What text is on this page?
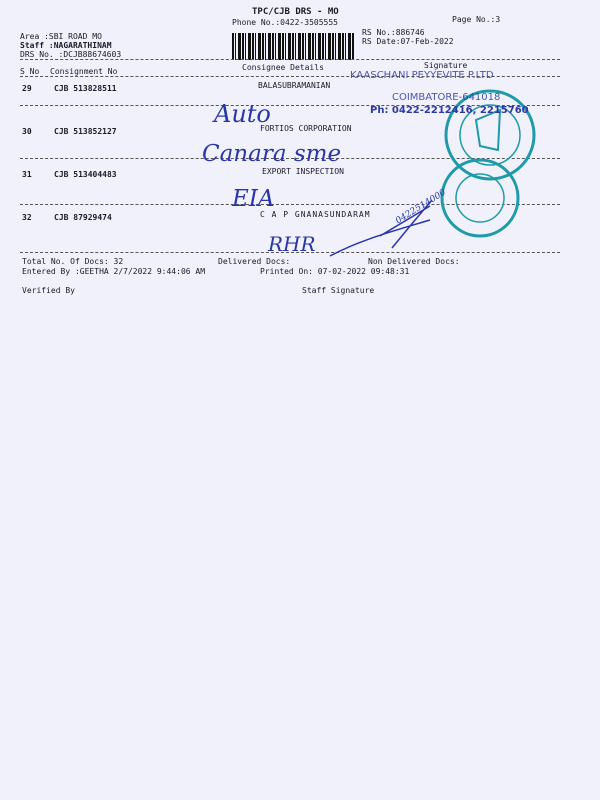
TPC/CJB DRS - MO
Phone No.:0422-3505555	Page No.:3
RS No.:886746
RS Date:07-Feb-2022
Area :SBI ROAD MO
Staff :NAGARATHINAM
DRS No. :DCJB88674603
S No Consignment No	Consignee Details	Signature
29	CJB 513828511	BALASUBRAMANIAN
Auto
30	CJB 513852127	FORTIOS CORPORATION
Canara sme
31	CJB 513404483	EXPORT INSPECTION
EIA
32	CJB 87929474	C A P GNANASUNDARAM
RHR
KAASCHANI PEYYEVITE P.LTD
COIMBATORE-641018
Ph: 0422-2212416, 2215760
0422514000
Total No. Of Docs: 32	Delivered Docs:	Non Delivered Docs:
Entered By :GEETHA 2/7/2022 9:44:06 AM	Printed On: 07-02-2022 09:48:31
Verified By	Staff Signature
